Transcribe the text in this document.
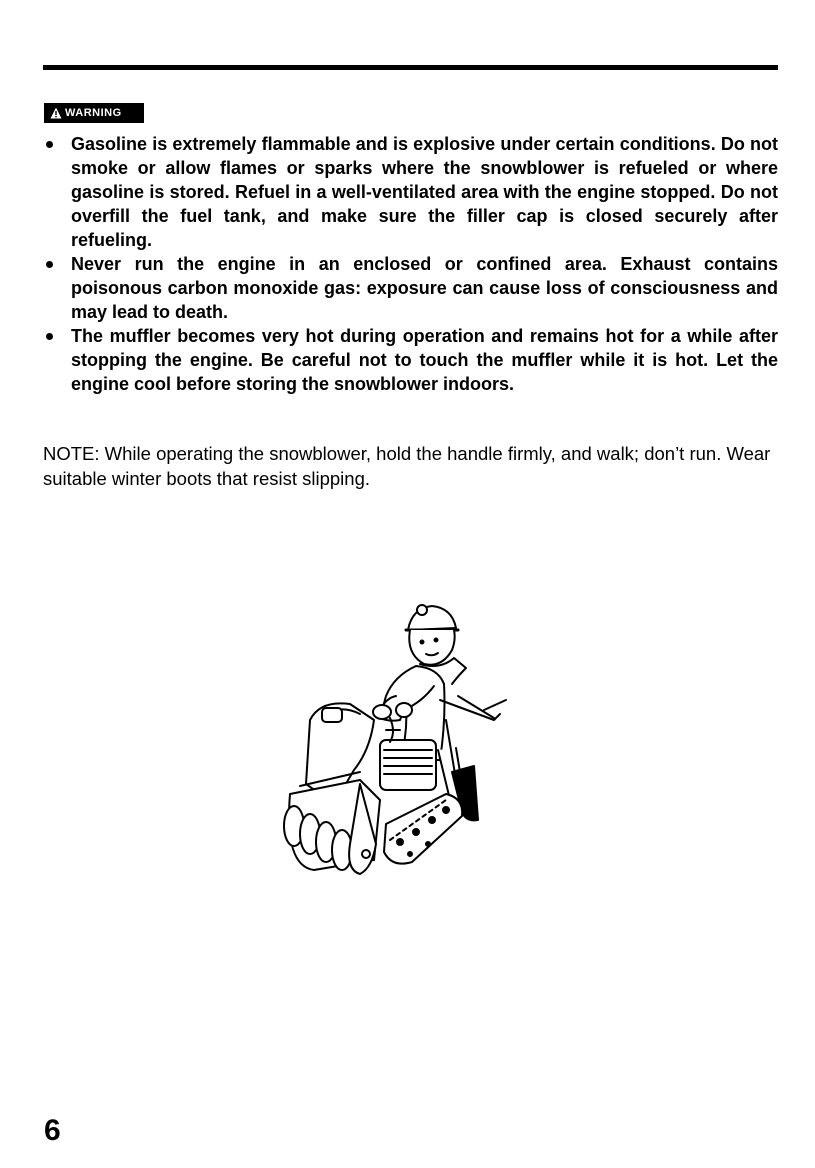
WARNING
Gasoline is extremely flammable and is explosive under certain conditions. Do not smoke or allow flames or sparks where the snowblower is refueled or where gasoline is stored. Refuel in a well-ventilated area with the engine stopped. Do not overfill the fuel tank, and make sure the filler cap is closed securely after refueling.
Never run the engine in an enclosed or confined area. Exhaust contains poisonous carbon monoxide gas: exposure can cause loss of consciousness and may lead to death.
The muffler becomes very hot during operation and remains hot for a while after stopping the engine. Be careful not to touch the muffler while it is hot. Let the engine cool before storing the snowblower indoors.

NOTE: While operating the snowblower, hold the handle firmly, and walk; don’t run. Wear suitable winter boots that resist slipping.

6
